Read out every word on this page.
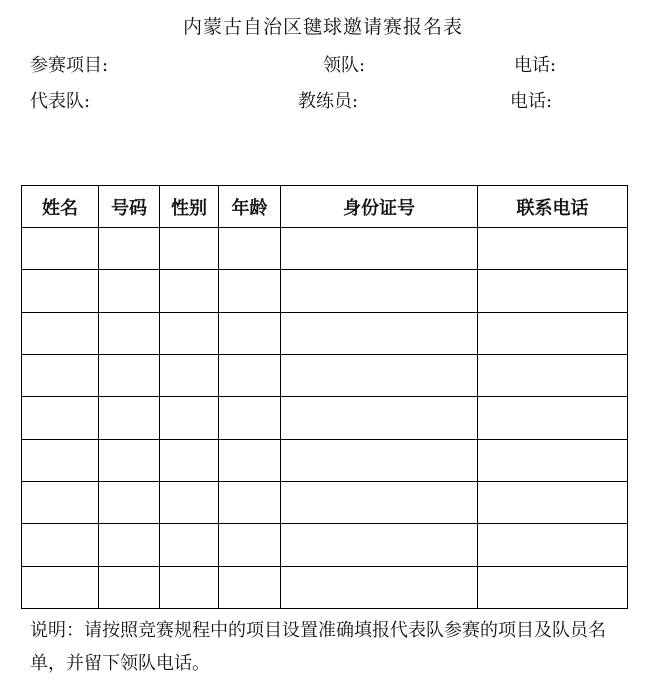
内蒙古自治区毽球邀请赛报名表
参赛项目:	领队:	电话:
代表队:	教练员:	电话:
姓名	号码	性别	年龄	身份证号	联系电话

说明：请按照竞赛规程中的项目设置准确填报代表队参赛的项目及队员名单，并留下领队电话。
